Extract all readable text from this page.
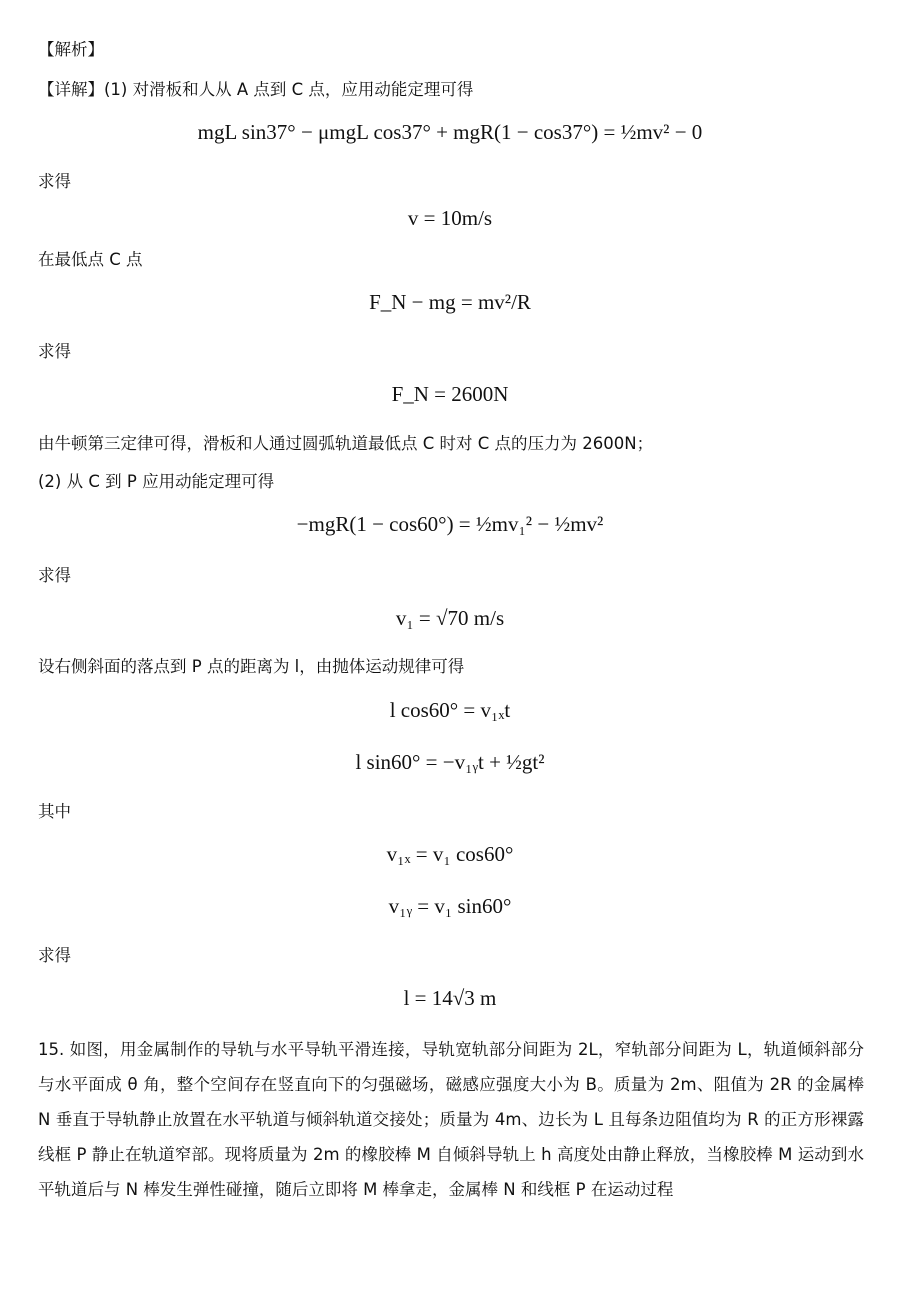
【解析】
【详解】(1) 对滑板和人从 A 点到 C 点，应用动能定理可得
mgL sin37° − μmgL cos37° + mgR(1 − cos37°) = ½mv² − 0
求得
v = 10m/s
在最低点 C 点
F_N − mg = mv²/R
求得
F_N = 2600N
由牛顿第三定律可得，滑板和人通过圆弧轨道最低点 C 时对 C 点的压力为 2600N；
(2) 从 C 到 P 应用动能定理可得
−mgR(1 − cos60°) = ½mv₁² − ½mv²
求得
v₁ = √70 m/s
设右侧斜面的落点到 P 点的距离为 l，由抛体运动规律可得
l cos60° = v₁ₓt
l sin60° = −v₁ᵧt + ½gt²
其中
v₁ₓ = v₁ cos60°
v₁ᵧ = v₁ sin60°
求得
l = 14√3 m
15. 如图，用金属制作的导轨与水平导轨平滑连接，导轨宽轨部分间距为 2L，窄轨部分间距为 L，轨道倾斜部分与水平面成 θ 角，整个空间存在竖直向下的匀强磁场，磁感应强度大小为 B。质量为 2m、阻值为 2R 的金属棒 N 垂直于导轨静止放置在水平轨道与倾斜轨道交接处；质量为 4m、边长为 L 且每条边阻值均为 R 的正方形裸露线框 P 静止在轨道窄部。现将质量为 2m 的橡胶棒 M 自倾斜导轨上 h 高度处由静止释放，当橡胶棒 M 运动到水平轨道后与 N 棒发生弹性碰撞，随后立即将 M 棒拿走，金属棒 N 和线框 P 在运动过程
